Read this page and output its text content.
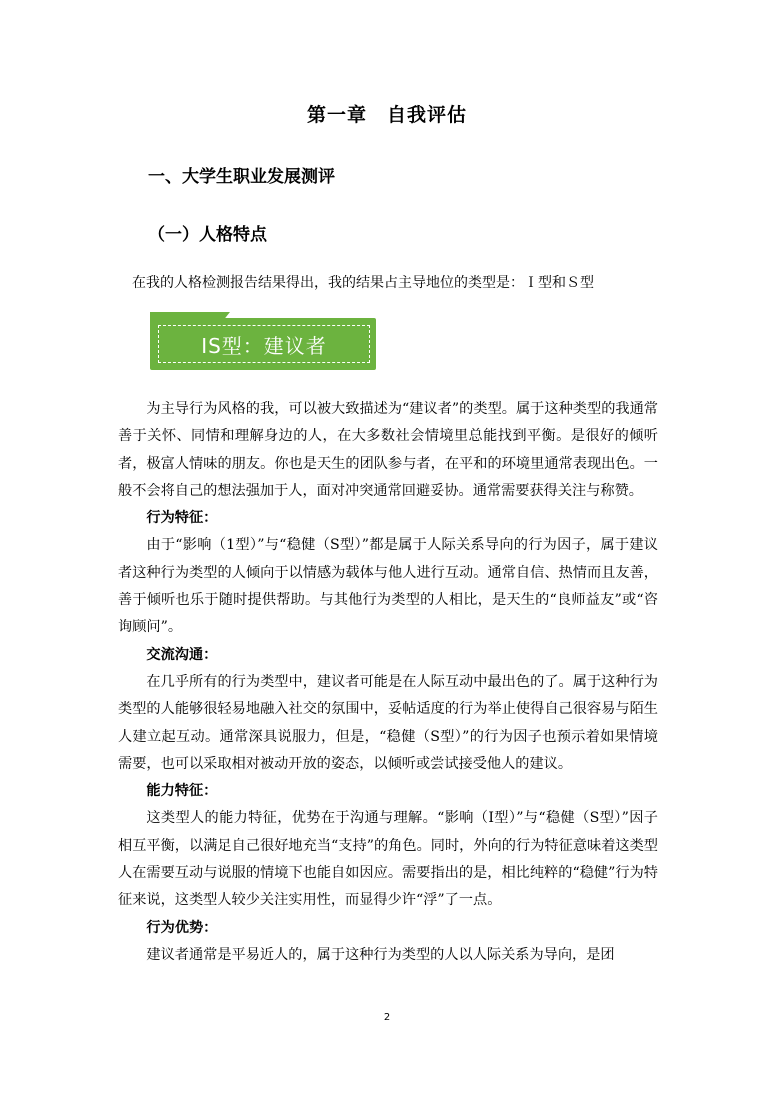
第一章　自我评估
一、大学生职业发展测评
（一）人格特点
在我的人格检测报告结果得出，我的结果占主导地位的类型是：Ｉ型和Ｓ型
IS型：建议者

为主导行为风格的我，可以被大致描述为“建议者”的类型。属于这种类型的我通常善于关怀、同情和理解身边的人，在大多数社会情境里总能找到平衡。是很好的倾听者，极富人情味的朋友。你也是天生的团队参与者，在平和的环境里通常表现出色。一般不会将自己的想法强加于人，面对冲突通常回避妥协。通常需要获得关注与称赞。

行为特征：

由于“影响（1型）”与“稳健（S型）”都是属于人际关系导向的行为因子，属于建议者这种行为类型的人倾向于以情感为载体与他人进行互动。通常自信、热情而且友善，善于倾听也乐于随时提供帮助。与其他行为类型的人相比，是天生的“良师益友”或“咨询顾问”。

交流沟通：

在几乎所有的行为类型中，建议者可能是在人际互动中最出色的了。属于这种行为类型的人能够很轻易地融入社交的氛围中，妥帖适度的行为举止使得自己很容易与陌生人建立起互动。通常深具说服力，但是，“稳健（S型）”的行为因子也预示着如果情境需要，也可以采取相对被动开放的姿态，以倾听或尝试接受他人的建议。

能力特征：

这类型人的能力特征，优势在于沟通与理解。“影响（I型）”与“稳健（S型）”因子相互平衡，以满足自己很好地充当“支持”的角色。同时，外向的行为特征意味着这类型人在需要互动与说服的情境下也能自如因应。需要指出的是，相比纯粹的“稳健”行为特征来说，这类型人较少关注实用性，而显得少许“浮”了一点。

行为优势：

建议者通常是平易近人的，属于这种行为类型的人以人际关系为导向，是团

2
